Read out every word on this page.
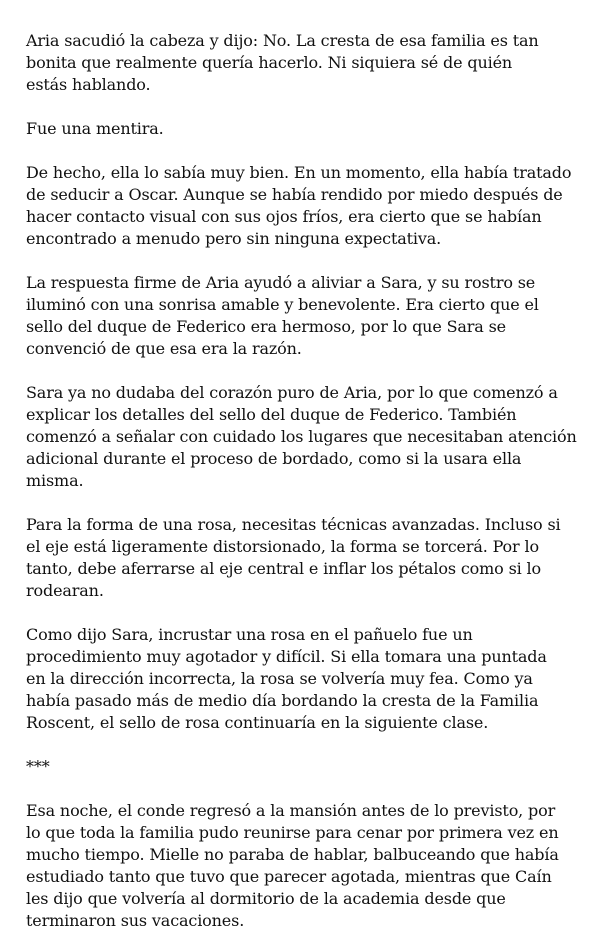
Aria sacudió la cabeza y dijo: No. La cresta de esa familia es tan
bonita que realmente quería hacerlo. Ni siquiera sé de quién
estás hablando.

Fue una mentira.

De hecho, ella lo sabía muy bien. En un momento, ella había tratado
de seducir a Oscar. Aunque se había rendido por miedo después de
hacer contacto visual con sus ojos fríos, era cierto que se habían
encontrado a menudo pero sin ninguna expectativa.

La respuesta firme de Aria ayudó a aliviar a Sara, y su rostro se
iluminó con una sonrisa amable y benevolente. Era cierto que el
sello del duque de Federico era hermoso, por lo que Sara se
convenció de que esa era la razón.

Sara ya no dudaba del corazón puro de Aria, por lo que comenzó a
explicar los detalles del sello del duque de Federico. También
comenzó a señalar con cuidado los lugares que necesitaban atención
adicional durante el proceso de bordado, como si la usara ella
misma.

Para la forma de una rosa, necesitas técnicas avanzadas. Incluso si
el eje está ligeramente distorsionado, la forma se torcerá. Por lo
tanto, debe aferrarse al eje central e inflar los pétalos como si lo
rodearan.

Como dijo Sara, incrustar una rosa en el pañuelo fue un
procedimiento muy agotador y difícil. Si ella tomara una puntada
en la dirección incorrecta, la rosa se volvería muy fea. Como ya
había pasado más de medio día bordando la cresta de la Familia
Roscent, el sello de rosa continuaría en la siguiente clase.

***

Esa noche, el conde regresó a la mansión antes de lo previsto, por
lo que toda la familia pudo reunirse para cenar por primera vez en
mucho tiempo. Mielle no paraba de hablar, balbuceando que había
estudiado tanto que tuvo que parecer agotada, mientras que Caín
les dijo que volvería al dormitorio de la academia desde que
terminaron sus vacaciones.
